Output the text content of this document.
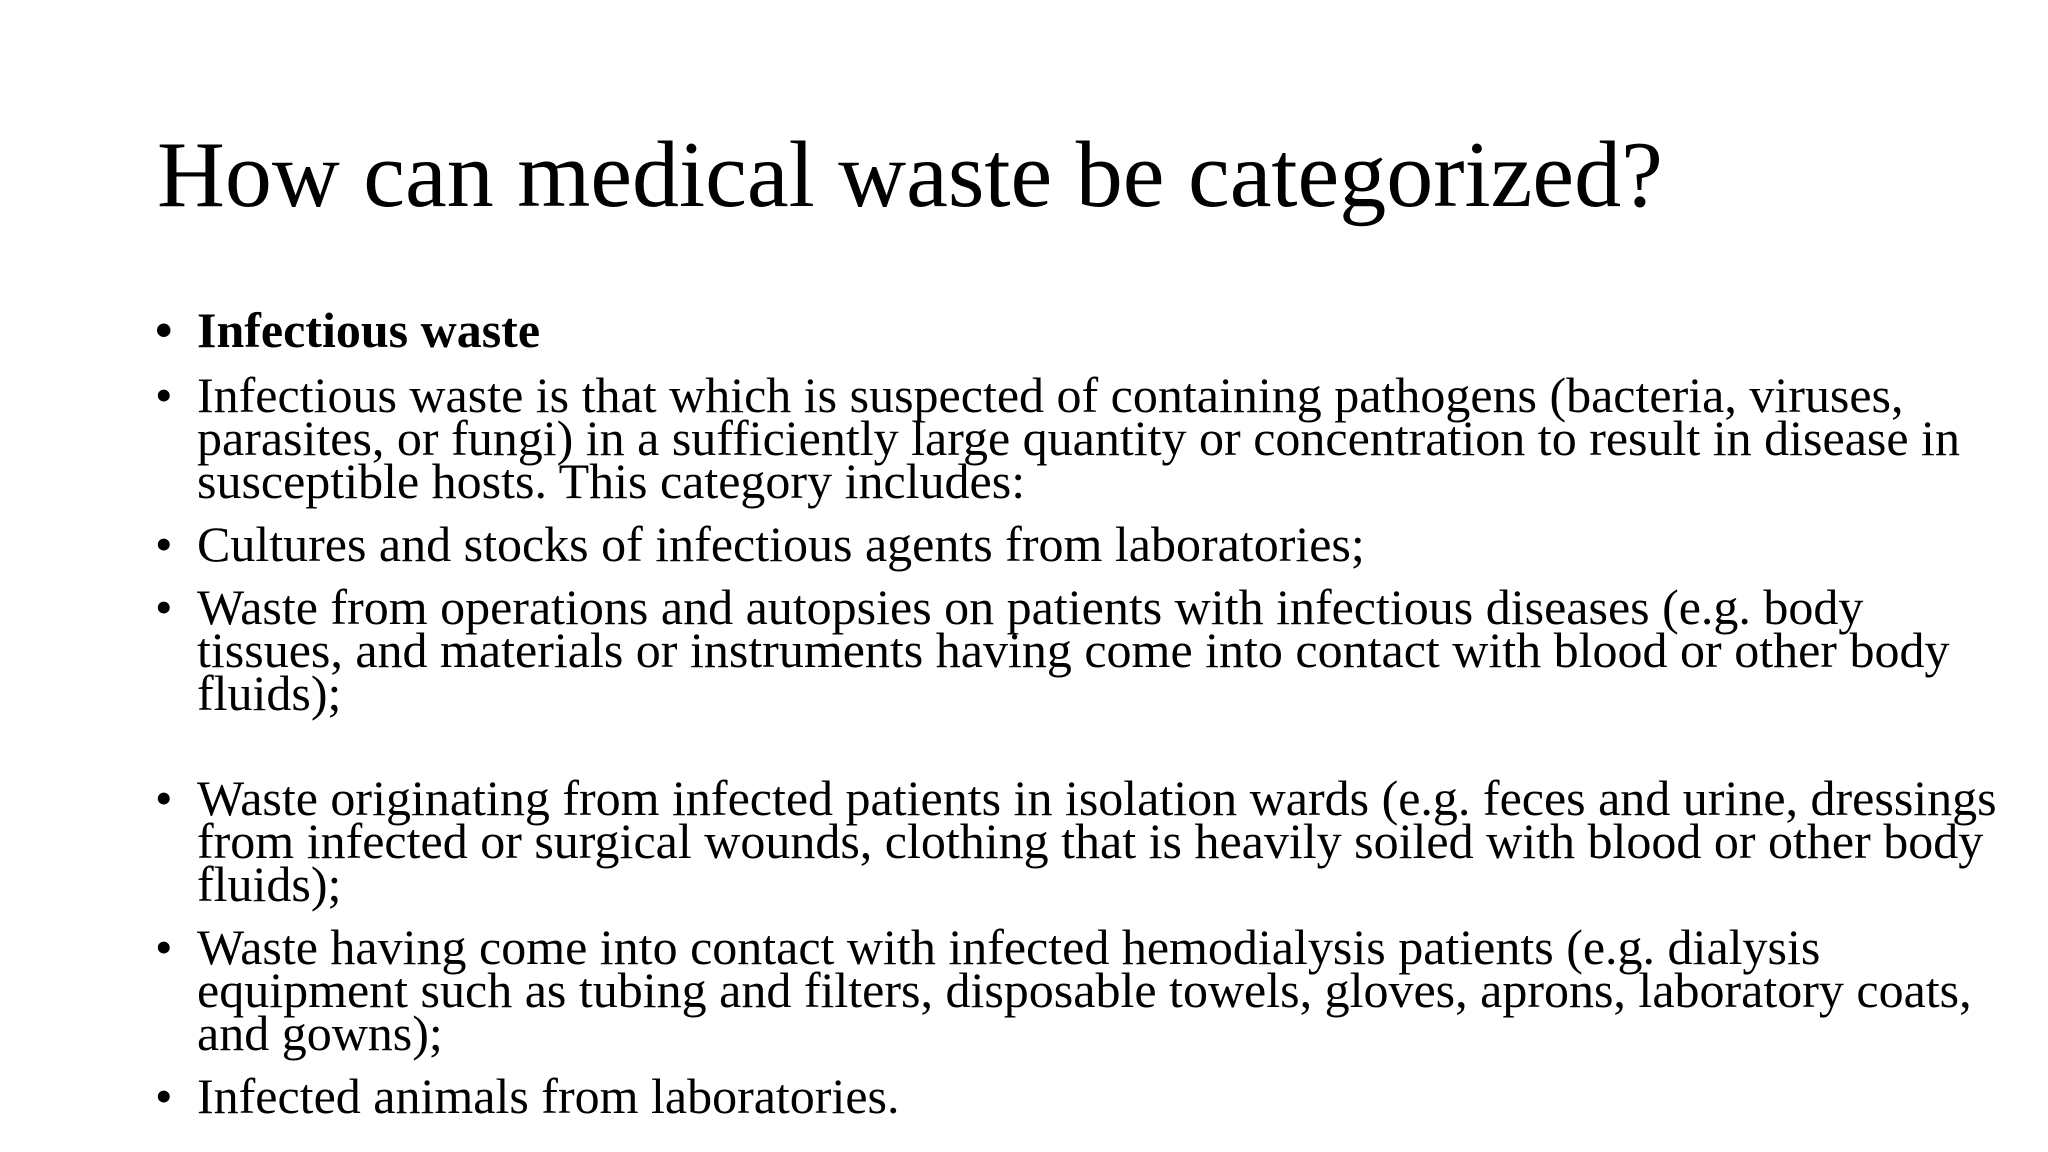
How can medical waste be categorized?
• Infectious waste
• Infectious waste is that which is suspected of containing pathogens (bacteria, viruses, parasites, or fungi) in a sufficiently large quantity or concentration to result in disease in susceptible hosts. This category includes:
• Cultures and stocks of infectious agents from laboratories;
• Waste from operations and autopsies on patients with infectious diseases (e.g. body tissues, and materials or instruments having come into contact with blood or other body fluids);
• Waste originating from infected patients in isolation wards (e.g. feces and urine, dressings from infected or surgical wounds, clothing that is heavily soiled with blood or other body fluids);
• Waste having come into contact with infected hemodialysis patients (e.g. dialysis equipment such as tubing and filters, disposable towels, gloves, aprons, laboratory coats, and gowns);
• Infected animals from laboratories.
